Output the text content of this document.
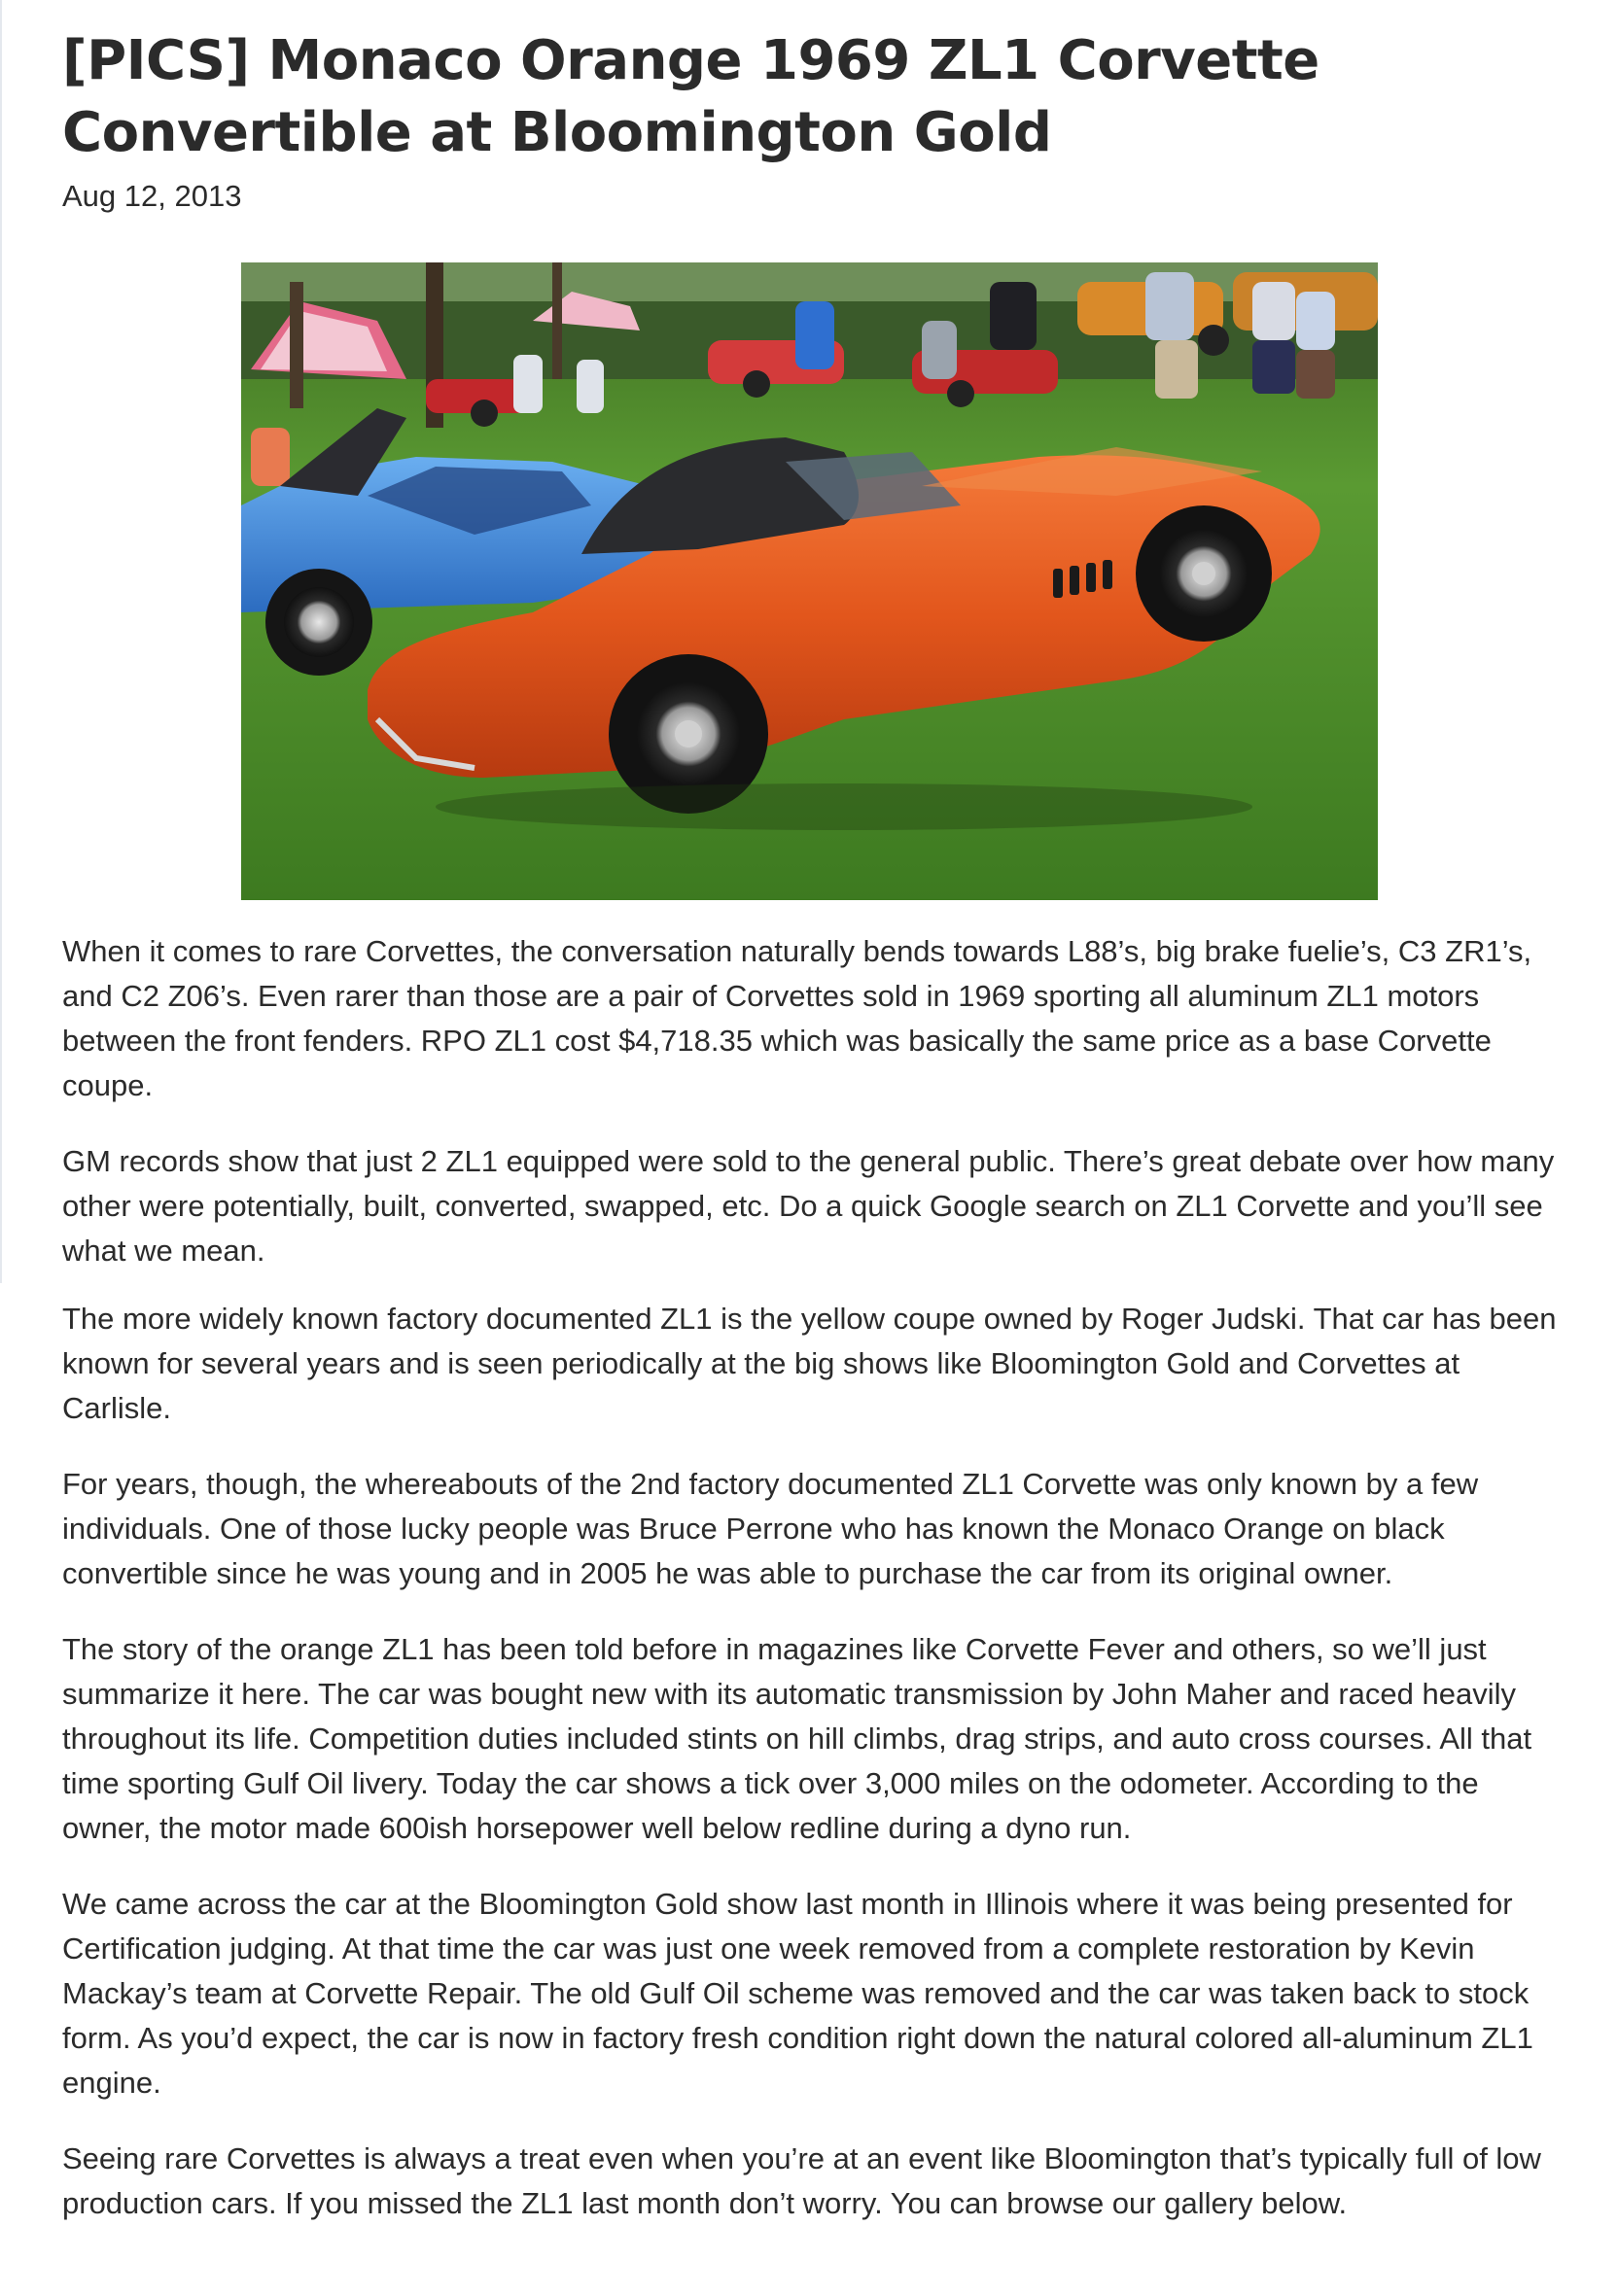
[PICS] Monaco Orange 1969 ZL1 Corvette Convertible at Bloomington Gold
Aug 12, 2013

When it comes to rare Corvettes, the conversation naturally bends towards L88’s, big brake fuelie’s, C3 ZR1’s, and C2 Z06’s. Even rarer than those are a pair of Corvettes sold in 1969 sporting all aluminum ZL1 motors between the front fenders. RPO ZL1 cost $4,718.35 which was basically the same price as a base Corvette coupe.

GM records show that just 2 ZL1 equipped were sold to the general public. There’s great debate over how many other were potentially, built, converted, swapped, etc. Do a quick Google search on ZL1 Corvette and you’ll see what we mean.

The more widely known factory documented ZL1 is the yellow coupe owned by Roger Judski. That car has been known for several years and is seen periodically at the big shows like Bloomington Gold and Corvettes at Carlisle.

For years, though, the whereabouts of the 2nd factory documented ZL1 Corvette was only known by a few individuals. One of those lucky people was Bruce Perrone who has known the Monaco Orange on black convertible since he was young and in 2005 he was able to purchase the car from its original owner.

The story of the orange ZL1 has been told before in magazines like Corvette Fever and others, so we’ll just summarize it here. The car was bought new with its automatic transmission by John Maher and raced heavily throughout its life. Competition duties included stints on hill climbs, drag strips, and auto cross courses. All that time sporting Gulf Oil livery. Today the car shows a tick over 3,000 miles on the odometer. According to the owner, the motor made 600ish horsepower well below redline during a dyno run.

We came across the car at the Bloomington Gold show last month in Illinois where it was being presented for Certification judging. At that time the car was just one week removed from a complete restoration by Kevin Mackay’s team at Corvette Repair. The old Gulf Oil scheme was removed and the car was taken back to stock form. As you’d expect, the car is now in factory fresh condition right down the natural colored all-aluminum ZL1 engine.

Seeing rare Corvettes is always a treat even when you’re at an event like Bloomington that’s typically full of low production cars. If you missed the ZL1 last month don’t worry. You can browse our gallery below.
